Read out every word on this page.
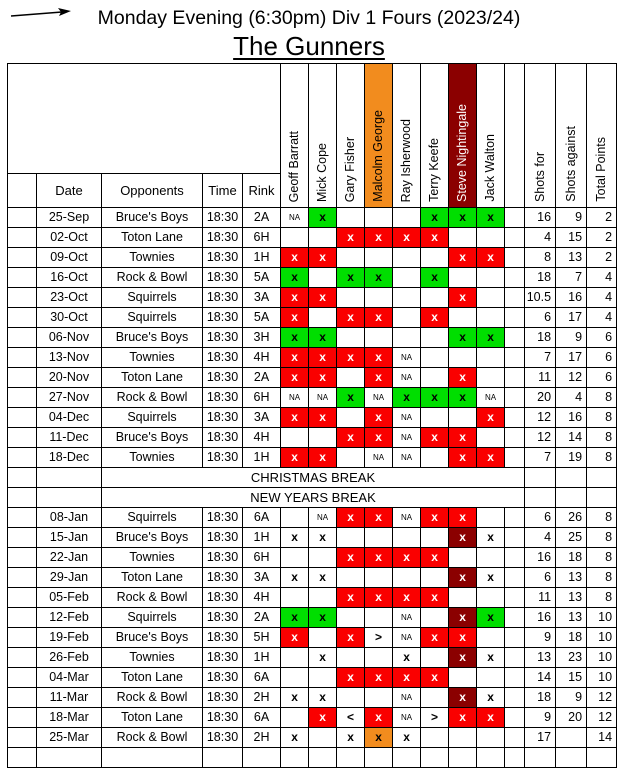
Monday Evening (6:30pm) Div 1 Fours (2023/24)
The Gunners

					Geoff Barratt	Mick Cope	Gary Fisher	Malcolm George	Ray Isherwood	Terry Keefe	Steve Nightingale	Jack Walton		Shots for	Shots against	Total Points

	Date	Opponents	Time	Rink												
	25-Sep	Bruce's Boys	18:30	2A	NA	x				x	x	x		16	9	2
	02-Oct	Toton Lane	18:30	6H			x	x	x	x				4	15	2
	09-Oct	Townies	18:30	1H	x	x					x	x		8	13	2
	16-Oct	Rock & Bowl	18:30	5A	x		x	x		x				18	7	4
	23-Oct	Squirrels	18:30	3A	x	x					x			10.5	16	4
	30-Oct	Squirrels	18:30	5A	x		x	x		x				6	17	4
	06-Nov	Bruce's Boys	18:30	3H	x	x					x	x		18	9	6
	13-Nov	Townies	18:30	4H	x	x	x	x	NA					7	17	6
	20-Nov	Toton Lane	18:30	2A	x	x		x	NA		x			11	12	6
	27-Nov	Rock & Bowl	18:30	6H	NA	NA	x	NA	x	x	x	NA		20	4	8
	04-Dec	Squirrels	18:30	3A	x	x		x	NA			x		12	16	8
	11-Dec	Bruce's Boys	18:30	4H			x	x	NA	x	x			12	14	8
	18-Dec	Townies	18:30	1H	x	x		NA	NA		x	x		7	19	8
		CHRISTMAS BREAK														
		NEW YEARS BREAK														
	08-Jan	Squirrels	18:30	6A		NA	x	x	NA	x	x			6	26	8
	15-Jan	Bruce's Boys	18:30	1H	x	x					x	x		4	25	8
	22-Jan	Townies	18:30	6H			x	x	x	x				16	18	8
	29-Jan	Toton Lane	18:30	3A	x	x					x	x		6	13	8
	05-Feb	Rock & Bowl	18:30	4H			x	x	x	x				11	13	8
	12-Feb	Squirrels	18:30	2A	x	x			NA		x	x		16	13	10
	19-Feb	Bruce's Boys	18:30	5H	x		x	>	NA	x	x			9	18	10
	26-Feb	Townies	18:30	1H		x			x		x	x		13	23	10
	04-Mar	Toton Lane	18:30	6A			x	x	x	x				14	15	10
	11-Mar	Rock & Bowl	18:30	2H	x	x			NA		x	x		18	9	12
	18-Mar	Toton Lane	18:30	6A		x	<	x	NA	>	x	x		9	20	12
	25-Mar	Rock & Bowl	18:30	2H	x		x	x	x					17		14
